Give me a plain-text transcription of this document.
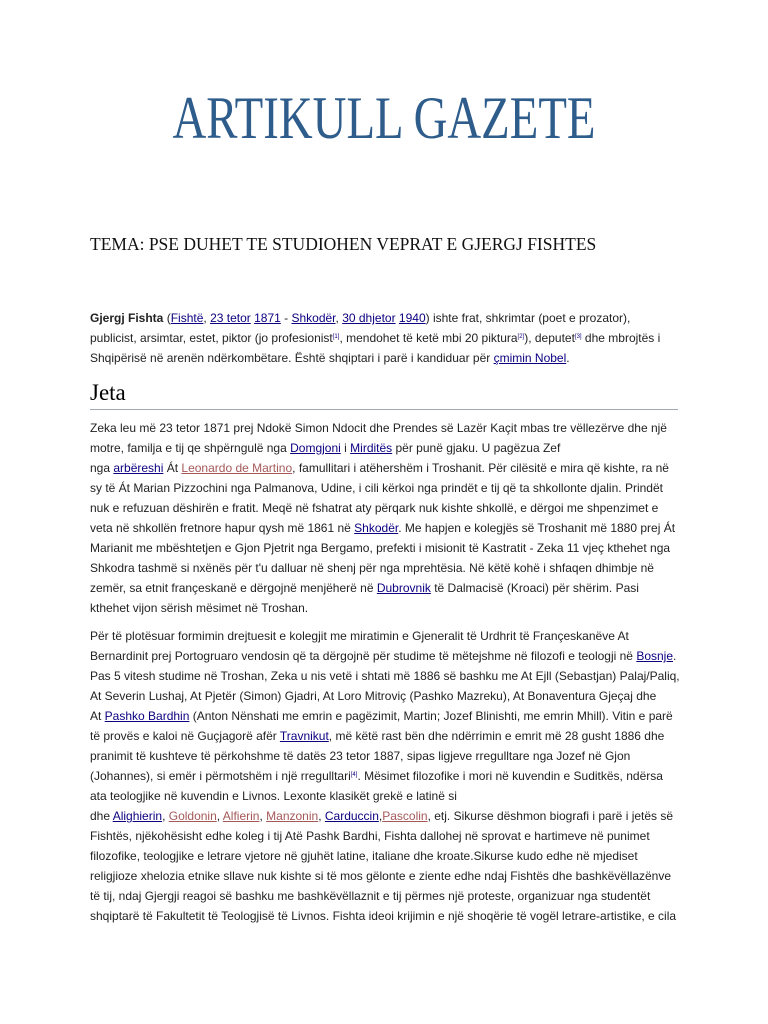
ARTIKULL GAZETE
TEMA: PSE DUHET TE STUDIOHEN VEPRAT E GJERGJ FISHTES
Gjergj Fishta (Fishtë, 23 tetor 1871 - Shkodër, 30 dhjetor 1940) ishte frat, shkrimtar (poet e prozator),
publicist, arsimtar, estet, piktor (jo profesionist[1], mendohet të ketë mbi 20 piktura[2]), deputet[3] dhe mbrojtës i
Shqipërisë në arenën ndërkombëtare. Është shqiptari i parë i kandiduar për çmimin Nobel.
Jeta
Zeka leu më 23 tetor 1871 prej Ndokë Simon Ndocit dhe Prendes së Lazër Kaçit mbas tre vëllezërve dhe një
motre, familja e tij qe shpërngulë nga Domgjoni i Mirditës për punë gjaku. U pagëzua Zef
nga arbëreshi Át Leonardo de Martino, famullitari i atëhershëm i Troshanit. Për cilësitë e mira që kishte, ra në
sy të Át Marian Pizzochini nga Palmanova, Udine, i cili kërkoi nga prindët e tij që ta shkollonte djalin. Prindët
nuk e refuzuan dëshirën e fratit. Meqë në fshatrat aty përqark nuk kishte shkollë, e dërgoi me shpenzimet e
veta në shkollën fretnore hapur qysh më 1861 në Shkodër. Me hapjen e kolegjës së Troshanit më 1880 prej Át
Marianit me mbështetjen e Gjon Pjetrit nga Bergamo, prefekti i misionit të Kastratit - Zeka 11 vjeç kthehet nga
Shkodra tashmë si nxënës për t'u dalluar në shenj për nga mprehtësia. Në këtë kohë i shfaqen dhimbje në
zemër, sa etnit françeskanë e dërgojnë menjëherë në Dubrovnik të Dalmacisë (Kroaci) për shërim. Pasi
kthehet vijon sërish mësimet në Troshan.
Për të plotësuar formimin drejtuesit e kolegjit me miratimin e Gjeneralit të Urdhrit të Françeskanëve At
Bernardinit prej Portogruaro vendosin që ta dërgojnë për studime të mëtejshme në filozofi e teologji në Bosnje.
Pas 5 vitesh studime në Troshan, Zeka u nis vetë i shtati më 1886 së bashku me At Ejll (Sebastjan) Palaj/Paliq,
At Severin Lushaj, At Pjetër (Simon) Gjadri, At Loro Mitroviç (Pashko Mazreku), At Bonaventura Gjeçaj dhe
At Pashko Bardhin (Anton Nënshati me emrin e pagëzimit, Martin; Jozef Blinishti, me emrin Mhill). Vitin e parë
të provës e kaloi në Guçjagorë afër Travnikut, më këtë rast bën dhe ndërrimin e emrit më 28 gusht 1886 dhe
pranimit të kushteve të përkohshme të datës 23 tetor 1887, sipas ligjeve rregulltare nga Jozef në Gjon
(Johannes), si emër i përmotshëm i një rregulltari[4]. Mësimet filozofike i mori në kuvendin e Suditkës, ndërsa
ata teologjike në kuvendin e Livnos. Lexonte klasikët grekë e latinë si
dhe Alighierin, Goldonin, Alfierin, Manzonin, Carduccin,Pascolin, etj. Sikurse dëshmon biografi i parë i jetës së
Fishtës, njëkohësisht edhe koleg i tij Atë Pashk Bardhi, Fishta dallohej në sprovat e hartimeve në punimet
filozofike, teologjike e letrare vjetore në gjuhët latine, italiane dhe kroate.Sikurse kudo edhe në mjediset
religjioze xhelozia etnike sllave nuk kishte si të mos gëlonte e ziente edhe ndaj Fishtës dhe bashkëvëllazënve
të tij, ndaj Gjergji reagoi së bashku me bashkëvëllaznit e tij përmes një proteste, organizuar nga studentët
shqiptarë të Fakultetit të Teologjisë të Livnos. Fishta ideoi krijimin e një shoqërie të vogël letrare-artistike, e cila
